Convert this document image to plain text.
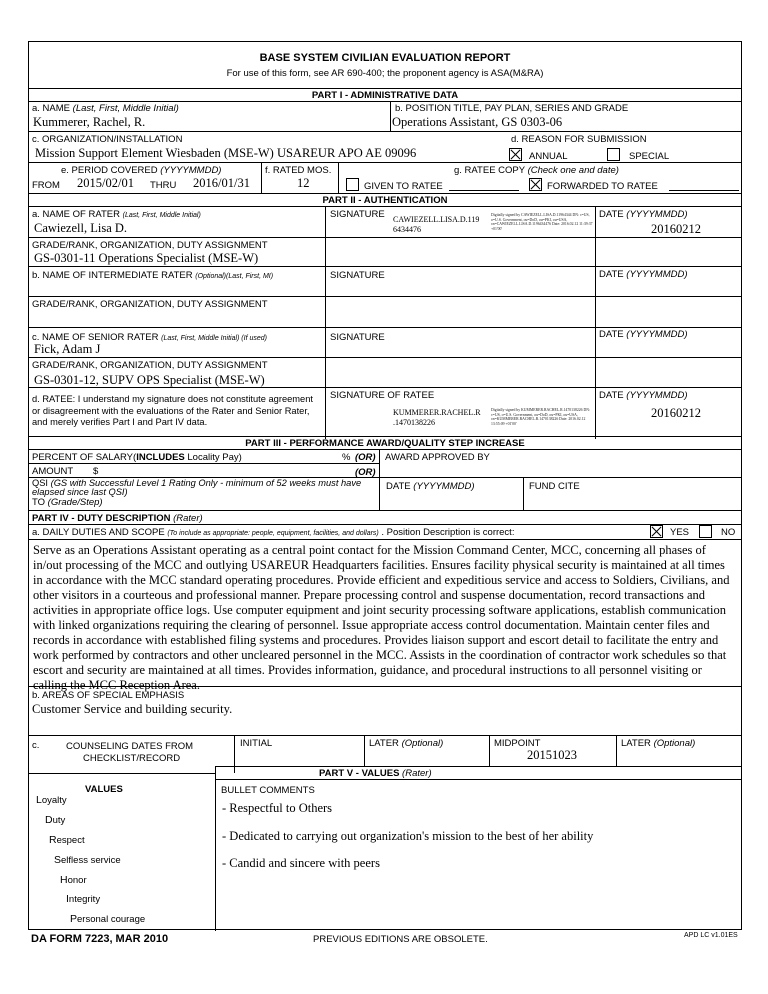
BASE SYSTEM CIVILIAN EVALUATION REPORT
For use of this form, see AR 690-400; the proponent agency is ASA(M&RA)
PART I - ADMINISTRATIVE DATA
a. NAME (Last, First, Middle Initial)
Kummerer, Rachel, R.
b. POSITION TITLE, PAY PLAN, SERIES AND GRADE
Operations Assistant, GS 0303-06
c. ORGANIZATION/INSTALLATION
Mission Support Element Wiesbaden (MSE-W) USAREUR APO AE 09096
d. REASON FOR SUBMISSION
ANNUAL	SPECIAL
e. PERIOD COVERED (YYYYMMDD)
FROM 2015/02/01 THRU 2016/01/31
f. RATED MOS.
12
g. RATEE COPY (Check one and date)
GIVEN TO RATEE	FORWARDED TO RATEE
PART II - AUTHENTICATION
a. NAME OF RATER (Last, First, Middle Initial)
Cawiezell, Lisa D.
SIGNATURE CAWIEZELL.LISA.D.119
6434476
Digitally signed by CAWIEZELL.LISA.D.11964344 DN: c=US, o=U.S. Government, ou=DoD, ou=PKI, ou=USA, cn=CAWIEZELL.LISA.D.1196434476 Date: 2016.02.12 11:39:37 +01'00'
DATE (YYYYMMDD)
20160212
GRADE/RANK, ORGANIZATION, DUTY ASSIGNMENT
GS-0301-11 Operations Specialist (MSE-W)
b. NAME OF INTERMEDIATE RATER (Optional)(Last, First, MI)	SIGNATURE	DATE (YYYYMMDD)
GRADE/RANK, ORGANIZATION, DUTY ASSIGNMENT
c. NAME OF SENIOR RATER (Last, First, Middle Initial) (If used)
Fick, Adam J
SIGNATURE	DATE (YYYYMMDD)
GRADE/RANK, ORGANIZATION, DUTY ASSIGNMENT
GS-0301-12, SUPV OPS Specialist (MSE-W)
d. RATEE: I understand my signature does not constitute agreement or disagreement with the evaluations of the Rater and Senior Rater, and merely verifies Part I and Part IV data.
SIGNATURE OF RATEE
KUMMERER.RACHEL.R
.1470138226
Digitally signed by KUMMERER.RACHEL.R.1470138226 DN: c=US, o=U.S. Government, ou=DoD, ou=PKI, ou=USA, cn=KUMMERER.RACHEL.R.1470138226 Date: 2016.02.12 13:55:09 +01'00'
DATE (YYYYMMDD)
20160212
PART III - PERFORMANCE AWARD/QUALITY STEP INCREASE
PERCENT OF SALARY(INCLUDES Locality Pay)	% (OR) AWARD APPROVED BY
AMOUNT $	(OR)
QSI (GS with Successful Level 1 Rating Only - minimum of 52 weeks must have elapsed since last QSI)
TO (Grade/Step)
DATE (YYYYMMDD)	FUND CITE
PART IV - DUTY DESCRIPTION (Rater)
a. DAILY DUTIES AND SCOPE (To include as appropriate: people, equipment, facilities, and dollars) . Position Description is correct:	YES	NO
Serve as an Operations Assistant operating as a central point contact for the Mission Command Center, MCC, concerning all phases of in/out processing of the MCC and outlying USAREUR Headquarters facilities. Ensures facility physical security is maintained at all times in accordance with the MCC standard operating procedures. Provide efficient and expeditious service and access to Soldiers, Civilians, and other visitors in a courteous and professional manner. Prepare processing control and suspense documentation, record transactions and activities in appropriate office logs. Use computer equipment and joint security processing software applications, establish communication with linked organizations requiring the clearing of personnel. Issue appropriate access control documentation. Maintain center files and records in accordance with established filing systems and procedures. Provides liaison support and escort detail to facilitate the entry and work performed by contractors and other uncleared personnel in the MCC. Assists in the coordination of contractor work schedules so that escort and security are maintained at all times. Provides information, guidance, and procedural instructions to all personnel visiting or calling the MCC Reception Area.
b. AREAS OF SPECIAL EMPHASIS
Customer Service and building security.
c.	COUNSELING DATES FROM
CHECKLIST/RECORD
INITIAL	LATER (Optional)	MIDPOINT
20151023
LATER (Optional)
PART V - VALUES (Rater)
VALUES	BULLET COMMENTS
Loyalty
Duty
Respect
Selfless service
Honor
Integrity
Personal courage
- Respectful to Others
- Dedicated to carrying out organization's mission to the best of her ability
- Candid and sincere with peers
DA FORM 7223, MAR 2010	PREVIOUS EDITIONS ARE OBSOLETE.	APD LC v1.01ES
